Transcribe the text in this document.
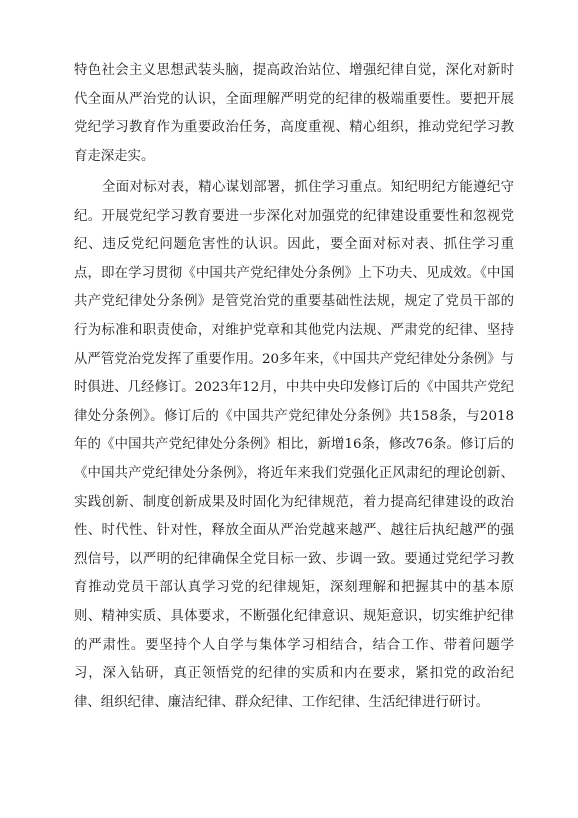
特色社会主义思想武装头脑，提高政治站位、增强纪律自觉，深化对新时代全面从严治党的认识，全面理解严明党的纪律的极端重要性。要把开展党纪学习教育作为重要政治任务，高度重视、精心组织，推动党纪学习教育走深走实。

全面对标对表，精心谋划部署，抓住学习重点。知纪明纪方能遵纪守纪。开展党纪学习教育要进一步深化对加强党的纪律建设重要性和忽视党纪、违反党纪问题危害性的认识。因此，要全面对标对表、抓住学习重点，即在学习贯彻《中国共产党纪律处分条例》上下功夫、见成效。《中国共产党纪律处分条例》是管党治党的重要基础性法规，规定了党员干部的行为标准和职责使命，对维护党章和其他党内法规、严肃党的纪律、坚持从严管党治党发挥了重要作用。20多年来，《中国共产党纪律处分条例》与时俱进、几经修订。2023年12月，中共中央印发修订后的《中国共产党纪律处分条例》。修订后的《中国共产党纪律处分条例》共158条，与2018年的《中国共产党纪律处分条例》相比，新增16条，修改76条。修订后的《中国共产党纪律处分条例》，将近年来我们党强化正风肃纪的理论创新、实践创新、制度创新成果及时固化为纪律规范，着力提高纪律建设的政治性、时代性、针对性，释放全面从严治党越来越严、越往后执纪越严的强烈信号，以严明的纪律确保全党目标一致、步调一致。要通过党纪学习教育推动党员干部认真学习党的纪律规矩，深刻理解和把握其中的基本原则、精神实质、具体要求，不断强化纪律意识、规矩意识，切实维护纪律的严肃性。要坚持个人自学与集体学习相结合，结合工作、带着问题学习，深入钻研，真正领悟党的纪律的实质和内在要求，紧扣党的政治纪律、组织纪律、廉洁纪律、群众纪律、工作纪律、生活纪律进行研讨。
